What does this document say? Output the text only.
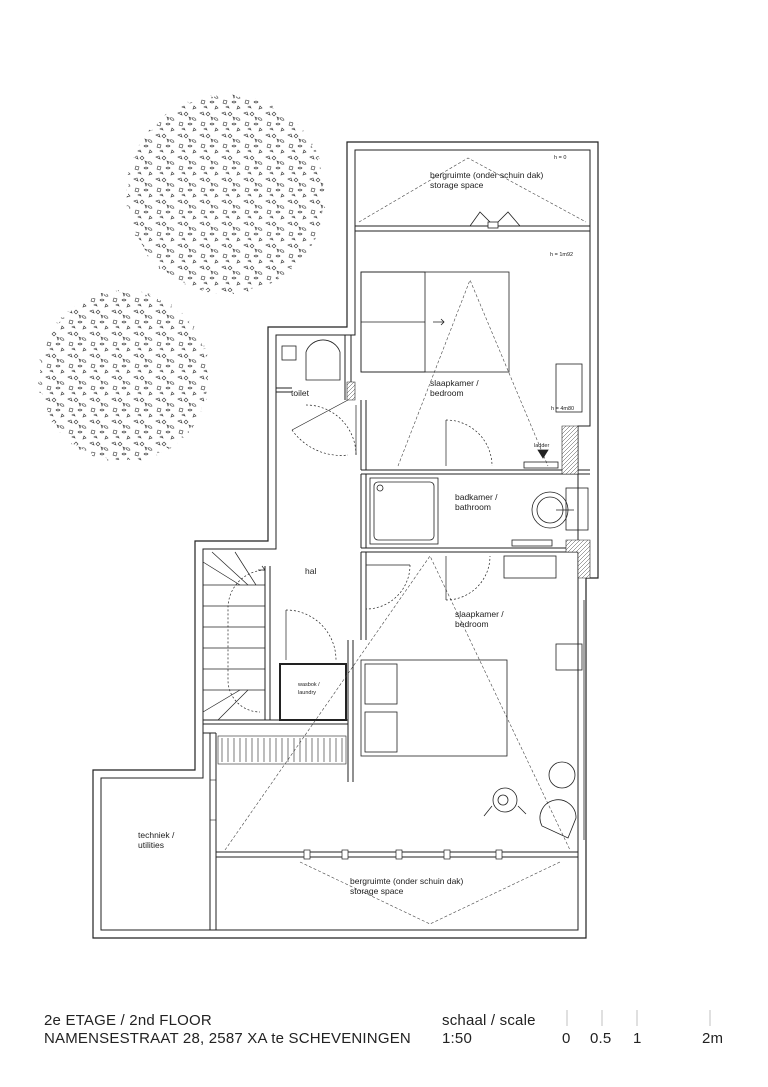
bergruimte (onder schuin dak)
storage space
h = 0
h = 1m92
h = 4m80
slaapkamer /
bedroom
toilet
ladder
badkamer /
bathroom
hal
slaapkamer /
bedroom
wasbok /
laundry
techniek /
utilities
bergruimte (onder schuin dak)
storage space
2e ETAGE / 2nd FLOOR
NAMENSESTRAAT 28, 2587 XA te SCHEVENINGEN
schaal / scale
1:50	0 0.5 1	2m
